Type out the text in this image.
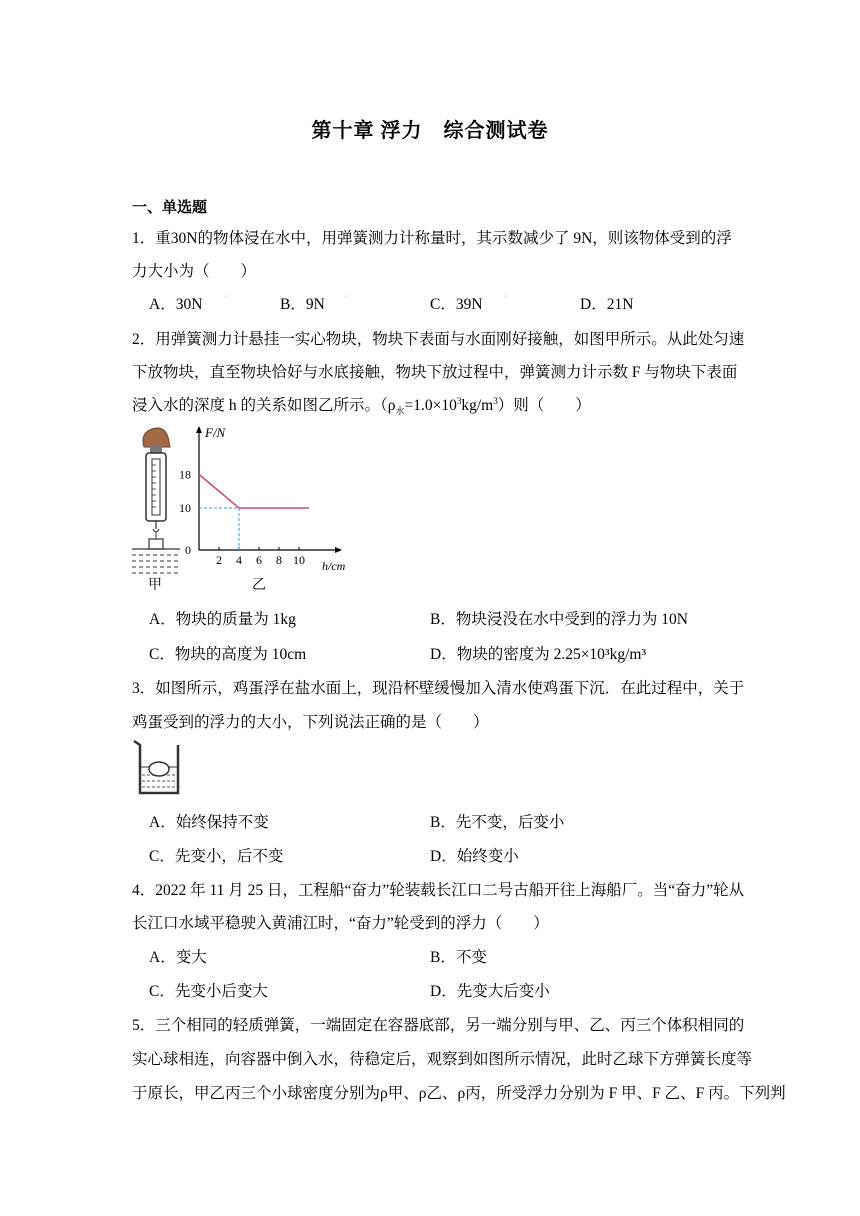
第十章 浮力　综合测试卷
一、单选题
1．重30N的物体浸在水中，用弹簧测力计称量时，其示数减少了 9N，则该物体受到的浮
力大小为（　　）
A．30N	'	B．9N	'	C．39N	'	D．21N
2．用弹簧测力计悬挂一实心物块，物块下表面与水面刚好接触，如图甲所示。从此处匀速
下放物块，直至物块恰好与水底接触，物块下放过程中，弹簧测力计示数 F 与物块下表面
浸入水的深度 h 的关系如图乙所示。$(\rho_水=1.0\times 10^3kg/m^3)$则（　　）
甲
2 4 6 8 10
18
10
0
F/N
h/cm
乙
A．物块的质量为 1kg	B．物块浸没在水中受到的浮力为 10N
C．物块的高度为 10cm	D．物块的密度为 2.25×10³kg/m³
3．如图所示，鸡蛋浮在盐水面上，现沿杯壁缓慢加入清水使鸡蛋下沉．在此过程中，关于
鸡蛋受到的浮力的大小，下列说法正确的是（　　）
A．始终保持不变	B．先不变，后变小
C．先变小，后不变	D．始终变小
4．2022 年 11 月 25 日，工程船“奋力”轮装载长江口二号古船开往上海船厂。当“奋力”轮从
长江口水域平稳驶入黄浦江时，“奋力”轮受到的浮力（　　）
A．变大	B．不变
C．先变小后变大	D．先变大后变小
5．三个相同的轻质弹簧，一端固定在容器底部，另一端分别与甲、乙、丙三个体积相同的
实心球相连，向容器中倒入水，待稳定后，观察到如图所示情况，此时乙球下方弹簧长度等
于原长，甲乙丙三个小球密度分别为ρ甲、ρ乙、ρ丙，所受浮力分别为 F 甲、F 乙、F 丙。下列判
